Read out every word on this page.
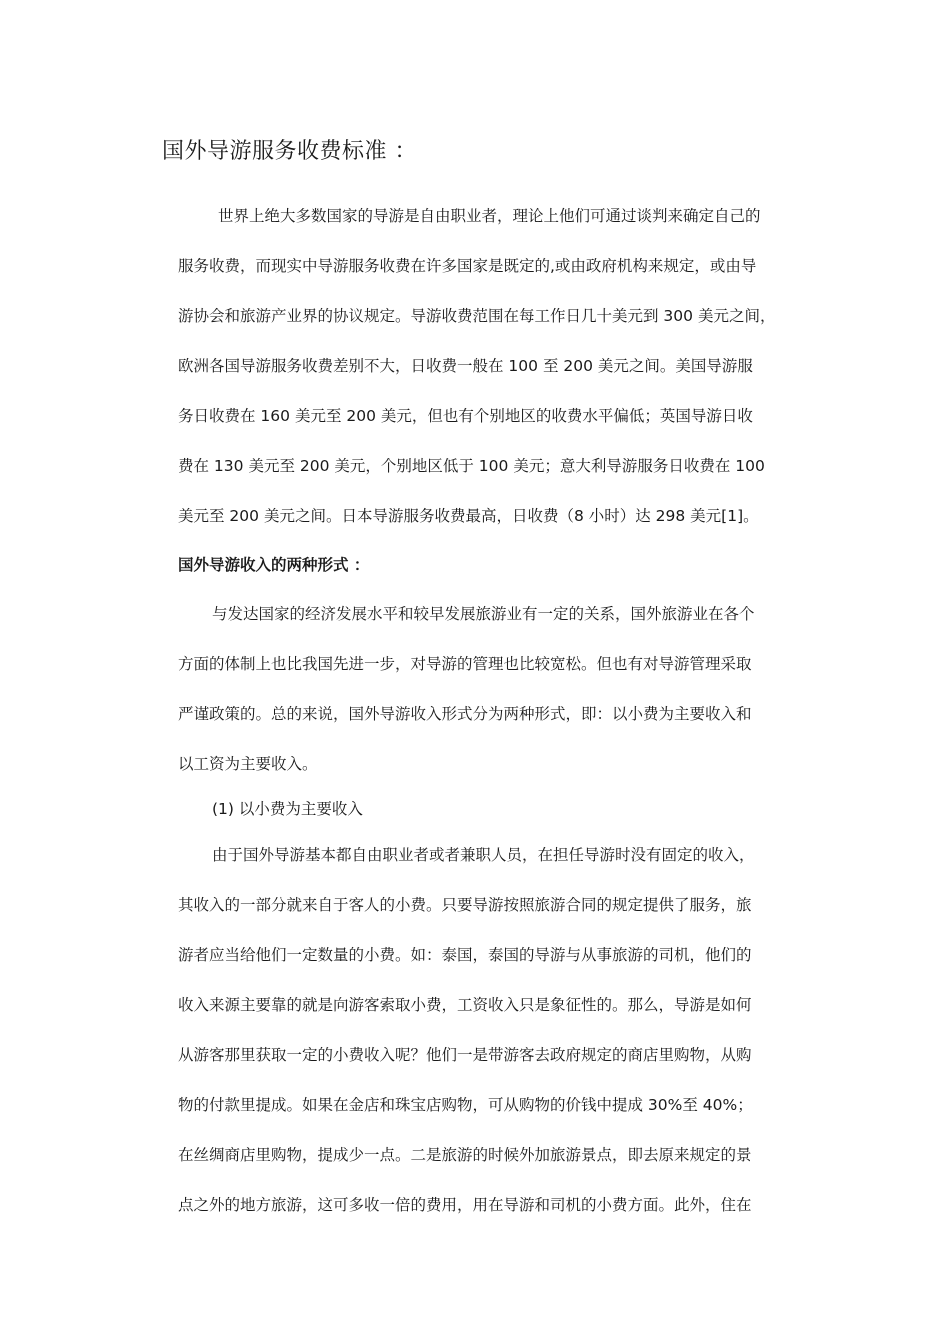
国外导游服务收费标准 ：
世界上绝大多数国家的导游是自由职业者，理论上他们可通过谈判来确定自己的
服务收费，而现实中导游服务收费在许多国家是既定的,或由政府机构来规定，或由导
游协会和旅游产业界的协议规定。导游收费范围在每工作日几十美元到 300 美元之间，
欧洲各国导游服务收费差别不大，日收费一般在 100 至 200 美元之间。美国导游服
务日收费在 160 美元至 200 美元，但也有个别地区的收费水平偏低；英国导游日收
费在 130 美元至 200 美元，个别地区低于 100 美元；意大利导游服务日收费在 100
美元至 200 美元之间。日本导游服务收费最高，日收费（8 小时）达 298 美元[1]。
国外导游收入的两种形式 ：
与发达国家的经济发展水平和较早发展旅游业有一定的关系，国外旅游业在各个
方面的体制上也比我国先进一步，对导游的管理也比较宽松。但也有对导游管理采取
严谨政策的。总的来说，国外导游收入形式分为两种形式，即：以小费为主要收入和
以工资为主要收入。
(1) 以小费为主要收入
由于国外导游基本都自由职业者或者兼职人员，在担任导游时没有固定的收入，
其收入的一部分就来自于客人的小费。只要导游按照旅游合同的规定提供了服务，旅
游者应当给他们一定数量的小费。如：泰国，泰国的导游与从事旅游的司机，他们的
收入来源主要靠的就是向游客索取小费，工资收入只是象征性的。那么，导游是如何
从游客那里获取一定的小费收入呢？他们一是带游客去政府规定的商店里购物，从购
物的付款里提成。如果在金店和珠宝店购物，可从购物的价钱中提成 30%至 40%；
在丝绸商店里购物，提成少一点。二是旅游的时候外加旅游景点，即去原来规定的景
点之外的地方旅游，这可多收一倍的费用，用在导游和司机的小费方面。此外，住在
